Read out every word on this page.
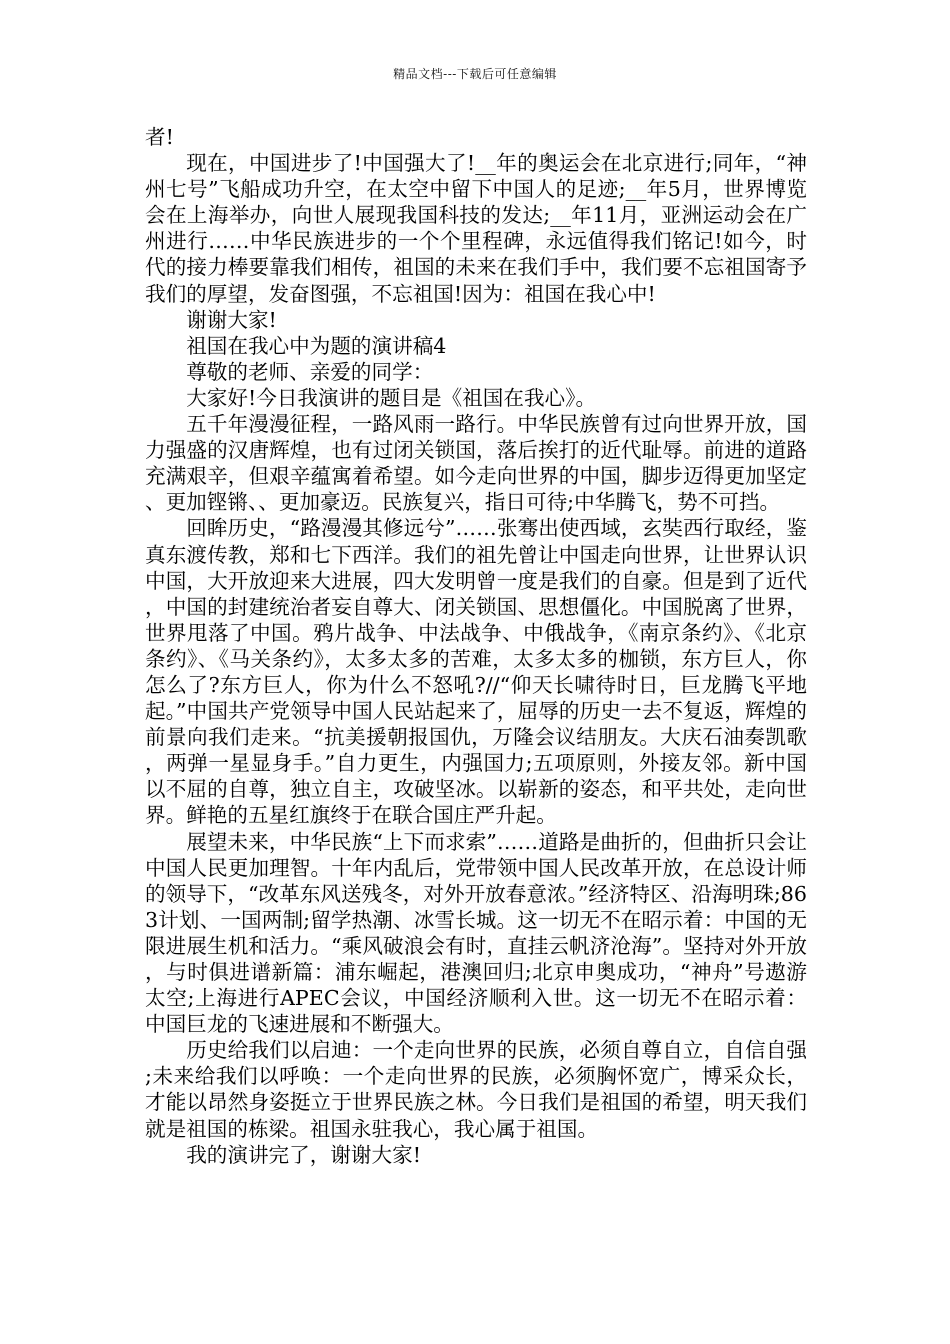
精品文档---下载后可任意编辑

者!

现在，中国进步了!中国强大了!__年的奥运会在北京进行;同年，“神州七号”飞船成功升空，在太空中留下中国人的足迹;__年5月，世界博览会在上海举办，向世人展现我国科技的发达;__年11月，亚洲运动会在广州进行……中华民族进步的一个个里程碑，永远值得我们铭记!如今，时代的接力棒要靠我们相传，祖国的未来在我们手中，我们要不忘祖国寄予我们的厚望，发奋图强，不忘祖国!因为：祖国在我心中!

谢谢大家!

祖国在我心中为题的演讲稿4

尊敬的老师、亲爱的同学：

大家好!今日我演讲的题目是《祖国在我心》。

五千年漫漫征程，一路风雨一路行。中华民族曾有过向世界开放，国力强盛的汉唐辉煌，也有过闭关锁国，落后挨打的近代耻辱。前进的道路充满艰辛，但艰辛蕴寓着希望。如今走向世界的中国，脚步迈得更加坚定、更加铿锵、、更加豪迈。民族复兴，指日可待;中华腾飞，势不可挡。

回眸历史，“路漫漫其修远兮”……张骞出使西域，玄奘西行取经，鉴真东渡传教，郑和七下西洋。我们的祖先曾让中国走向世界，让世界认识中国，大开放迎来大进展，四大发明曾一度是我们的自豪。但是到了近代，中国的封建统治者妄自尊大、闭关锁国、思想僵化。中国脱离了世界，世界甩落了中国。鸦片战争、中法战争、中俄战争，《南京条约》、《北京条约》、《马关条约》，太多太多的苦难，太多太多的枷锁，东方巨人，你怎么了?东方巨人，你为什么不怒吼?//“仰天长啸待时日，巨龙腾飞平地起。”中国共产党领导中国人民站起来了，屈辱的历史一去不复返，辉煌的前景向我们走来。“抗美援朝报国仇，万隆会议结朋友。大庆石油奏凯歌，两弹一星显身手。”自力更生，内强国力;五项原则，外接友邻。新中国以不屈的自尊，独立自主，攻破坚冰。以崭新的姿态，和平共处，走向世界。鲜艳的五星红旗终于在联合国庄严升起。

展望未来，中华民族“上下而求索”……道路是曲折的，但曲折只会让中国人民更加理智。十年内乱后，党带领中国人民改革开放，在总设计师的领导下，“改革东风送残冬，对外开放春意浓。”经济特区、沿海明珠;863计划、一国两制;留学热潮、冰雪长城。这一切无不在昭示着：中国的无限进展生机和活力。“乘风破浪会有时，直挂云帆济沧海”。坚持对外开放，与时俱进谱新篇：浦东崛起，港澳回归;北京申奥成功，“神舟”号遨游太空;上海进行APEC会议，中国经济顺利入世。这一切无不在昭示着：中国巨龙的飞速进展和不断强大。

历史给我们以启迪：一个走向世界的民族，必须自尊自立，自信自强;未来给我们以呼唤：一个走向世界的民族，必须胸怀宽广，博采众长，才能以昂然身姿挺立于世界民族之林。今日我们是祖国的希望，明天我们就是祖国的栋梁。祖国永驻我心，我心属于祖国。

我的演讲完了，谢谢大家!
